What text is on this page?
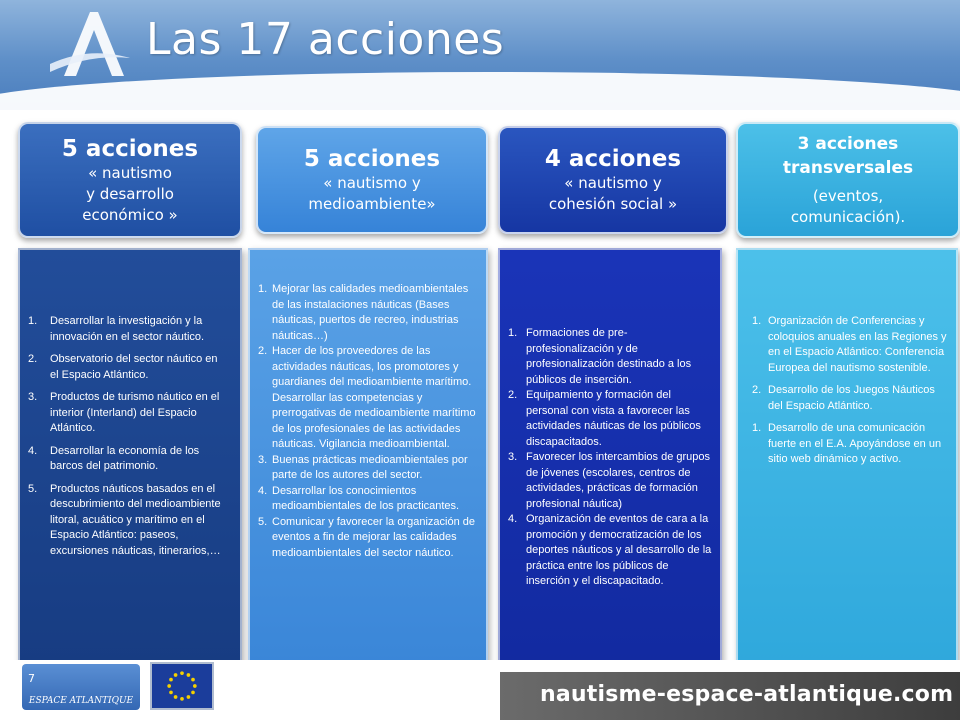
Las 17 acciones
5 acciones
« nautismo
y desarrollo
económico »
5 acciones
« nautismo y
medioambiente»
4 acciones
« nautismo y
cohesión social »
3 acciones
transversales
(eventos,
comunicación).
1.	Desarrollar la investigación y la innovación en el sector náutico.
2.	Observatorio del sector náutico en el Espacio Atlántico.
3.	Productos de turismo náutico en el interior (Interland) del Espacio Atlántico.
4.	Desarrollar la economía de los barcos del patrimonio.
5.	Productos náuticos basados en el descubrimiento del medioambiente litoral, acuático y marítimo en el Espacio Atlántico: paseos, excursiones náuticas, itinerarios,…
1. Mejorar las calidades medioambientales de las instalaciones náuticas (Bases náuticas, puertos de recreo, industrias náuticas…)
2. Hacer de los proveedores de las actividades náuticas, los promotores y guardianes del medioambiente marítimo. Desarrollar las competencias y prerrogativas de medioambiente marítimo de los profesionales de las actividades náuticas. Vigilancia medioambiental.
3. Buenas prácticas medioambientales por parte de los autores del sector.
4. Desarrollar los conocimientos medioambientales de los practicantes.
5. Comunicar y favorecer la organización de eventos a fin de mejorar las calidades medioambientales del sector náutico.
1. Formaciones de pre-profesionalización y de profesionalización destinado a los públicos de inserción.
2. Equipamiento y formación del personal con vista a favorecer las actividades náuticas de los públicos discapacitados.
3. Favorecer los intercambios de grupos de jóvenes (escolares, centros de actividades, prácticas de formación profesional náutica)
4. Organización de eventos de cara a la promoción y democratización de los deportes náuticos y al desarrollo de la práctica entre los públicos de inserción y el discapacitado.
1. Organización de Conferencias y coloquios anuales en las Regiones y en el Espacio Atlántico: Conferencia Europea del nautismo sostenible.
2. Desarrollo de los Juegos Náuticos del Espacio Atlántico.
1. Desarrollo de una comunicación fuerte en el E.A. Apoyándose en un sitio web dinámico y activo.
ESPACE ATLANTIQUE
7
nautisme-espace-atlantique.com
